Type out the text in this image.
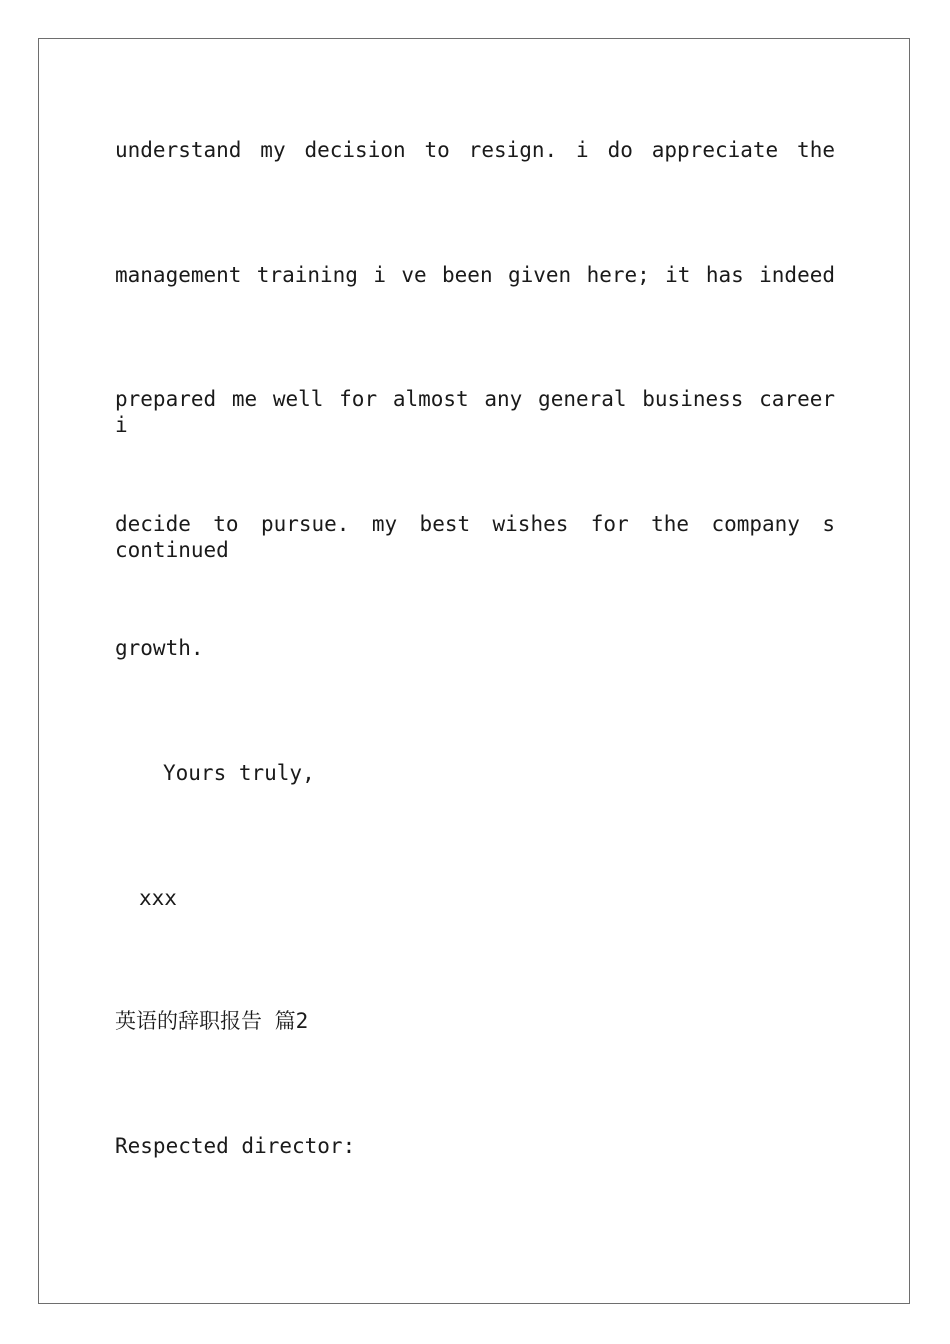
understand my decision to resign. i do appreciate the

management training i ve been given here; it has indeed

prepared me well for almost any general business career i

decide to pursue. my best wishes for the company s continued

growth.

Yours truly,

xxx

英语的辞职报告 篇2

Respected director:
